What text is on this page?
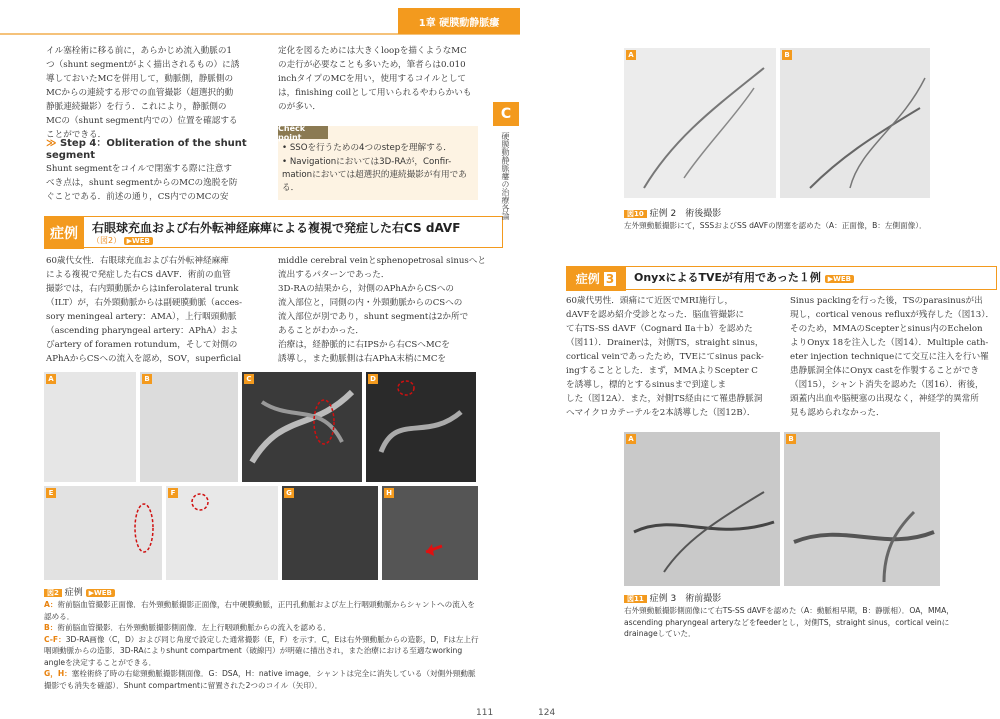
1章 硬膜動静脈瘻
イル塞栓術に移る前に，あらかじめ流入動脈の1
つ（shunt segmentがよく描出されるもの）に誘
導しておいたMCを併用して，動脈側，静脈側の
MCからの連続する形での血管撮影（超選択的動
静脈連続撮影）を行う．これにより，静脈側の
MCの（shunt segment内での）位置を確認する
ことができる．
≫ Step 4：Obliteration of the shunt segment
Shunt segmentをコイルで閉塞する際に注意す
べき点は，shunt segmentからのMCの逸脱を防
ぐことである．前述の通り，CS内でのMCの安
定化を図るためには大きくloopを描くようなMC
の走行が必要なことも多いため，筆者らは0.010
inchタイプのMCを用い，使用するコイルとして
は，finishing coilとして用いられるやわらかいも
のが多い．
Check point
• SSOを行うための4つのstepを理解する．
• Navigationにおいては3D-RAが，Confir-mationにおいては超選択的連続撮影が有用である．
症例	右眼球充血および右外転神経麻痺による複視で発症した右CS dAVF
（図2） ▶WEB
60歳代女性．右眼球充血および右外転神経麻痺
による複視で発症した右CS dAVF．術前の血管
撮影では，右内頸動脈からはinferolateral trunk
（ILT）が，右外頸動脈からは副硬膜動脈（acces-
sory meningeal artery：AMA），上行咽頭動脈
（ascending pharyngeal artery：APhA）およ
びartery of foramen rotundum，そして対側の
APhAからCSへの流入を認め，SOV，superficial
middle cerebral veinとsphenopetrosal sinusへと
流出するパターンであった．
3D-RAの結果から，対側のAPhAからCSへの
流入部位と，同側の内・外頸動脈からのCSへの
流入部位が別であり，shunt segmentは2か所で
あることがわかった．
治療は，経静脈的に右IPSから右CSへMCを
誘導し，また動脈側は右APhA末梢にMCを
A	B	C	D
E	F	G	H
図2 症例 ▶WEB
A：術前脳血管撮影正面像．右外頸動脈撮影正面像，右中硬膜動脈，正円孔動脈および左上行咽頭動脈からシャントへの流入を認める．
B：術前脳血管撮影．右外頸動脈撮影側面像．左上行咽頭動脈からの流入を認める．
C-F：3D-RA画像（C，D）および同じ角度で設定した通常撮影（E，F）を示す．C，Eは右外頸動脈からの造影，D，Fは左上行咽頭動脈からの造影．3D-RAによりshunt compartment（破線円）が明確に描出され，また治療における至適なworking angleを決定することができる．
G，H：塞栓術終了時の右総頸動脈撮影側面像．G：DSA，H：native image．シャントは完全に消失している（対側外頸動脈撮影でも消失を確認）．Shunt compartmentに留置された2つのコイル（矢印）．
111
C
硬膜動静脈瘻の治療各論
A	B
図10 症例 2　術後撮影
左外頸動脈撮影にて，SSSおよびSS dAVFの閉塞を認めた（A：正面像，B：左側面像）．
症例
3 OnyxによるTVEが有用であった１例 ▶WEB
60歳代男性．頭痛にて近医でMRI施行し，
dAVFを認め紹介受診となった．脳血管撮影に
て右TS-SS dAVF（Cognard Ⅱa＋b）を認めた
（図11）．Drainerは，対側TS，straight sinus，
cortical veinであったため，TVEにてsinus pack-
ingすることとした．まず，MMAよりScepter C
を誘導し，標的とするsinusまで到達しま
した（図12A）．また，対側TS経由にて罹患静脈洞
へマイクロカテーテルを2本誘導した（図12B）．
Sinus packingを行った後，TSのparasinusが出
現し，cortical venous refluxが残存した（図13）．
そのため，MMAのScepterとsinus内のEchelon
よりOnyx 18を注入した（図14）．Multiple cath-
eter injection techniqueにて交互に注入を行い罹
患静脈洞全体にOnyx castを作製することができ
（図15），シャント消失を認めた（図16）．術後，
頭蓋内出血や脳梗塞の出現なく，神経学的異常所
見も認められなかった．
A	B
図11 症例 3　術前撮影
右外頸動脈撮影側面像にて右TS-SS dAVFを認めた（A：動脈相早期，B：静脈相）．OA，MMA，ascending pharyngeal arteryなどをfeederとし，対側TS，straight sinus，cortical veinにdrainageしていた．
124
